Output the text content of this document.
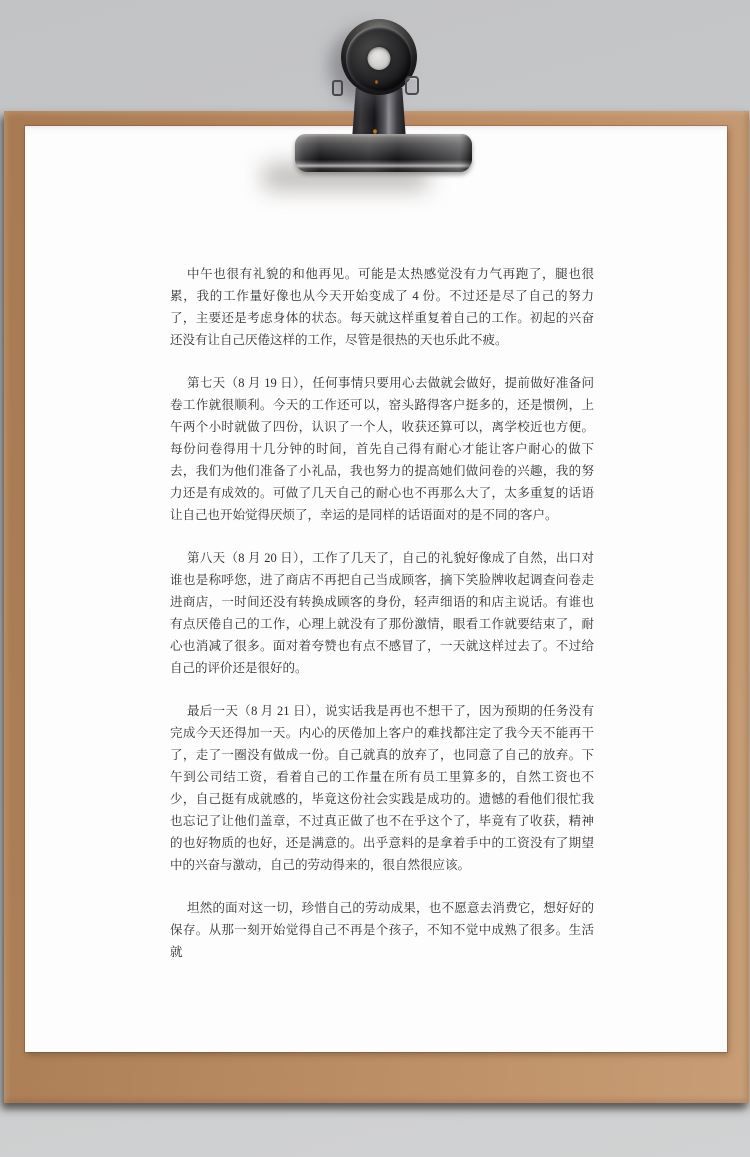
中午也很有礼貌的和他再见。可能是太热感觉没有力气再跑了，腿也很累，我的工作量好像也从今天开始变成了 4 份。不过还是尽了自己的努力了，主要还是考虑身体的状态。每天就这样重复着自己的工作。初起的兴奋还没有让自己厌倦这样的工作，尽管是很热的天也乐此不疲。

第七天（8 月 19 日），任何事情只要用心去做就会做好，提前做好准备问卷工作就很顺利。今天的工作还可以，窑头路得客户挺多的，还是惯例，上午两个小时就做了四份，认识了一个人，收获还算可以，离学校近也方便。每份问卷得用十几分钟的时间，首先自己得有耐心才能让客户耐心的做下去，我们为他们准备了小礼品，我也努力的提高她们做问卷的兴趣，我的努力还是有成效的。可做了几天自己的耐心也不再那么大了，太多重复的话语让自己也开始觉得厌烦了，幸运的是同样的话语面对的是不同的客户。

第八天（8 月 20 日），工作了几天了，自己的礼貌好像成了自然，出口对谁也是称呼您，进了商店不再把自己当成顾客，摘下笑脸牌收起调查问卷走进商店，一时间还没有转换成顾客的身份，轻声细语的和店主说话。有谁也有点厌倦自己的工作，心理上就没有了那份激情，眼看工作就要结束了，耐心也消减了很多。面对着夸赞也有点不感冒了，一天就这样过去了。不过给自己的评价还是很好的。

最后一天（8 月 21 日），说实话我是再也不想干了，因为预期的任务没有完成今天还得加一天。内心的厌倦加上客户的难找都注定了我今天不能再干了，走了一圈没有做成一份。自己就真的放弃了，也同意了自己的放弃。下午到公司结工资，看着自己的工作量在所有员工里算多的，自然工资也不少，自己挺有成就感的，毕竟这份社会实践是成功的。遗憾的看他们很忙我也忘记了让他们盖章，不过真正做了也不在乎这个了，毕竟有了收获，精神的也好物质的也好，还是满意的。出乎意料的是拿着手中的工资没有了期望中的兴奋与激动，自己的劳动得来的，很自然很应该。

坦然的面对这一切，珍惜自己的劳动成果，也不愿意去消费它，想好好的保存。从那一刻开始觉得自己不再是个孩子，不知不觉中成熟了很多。生活就
